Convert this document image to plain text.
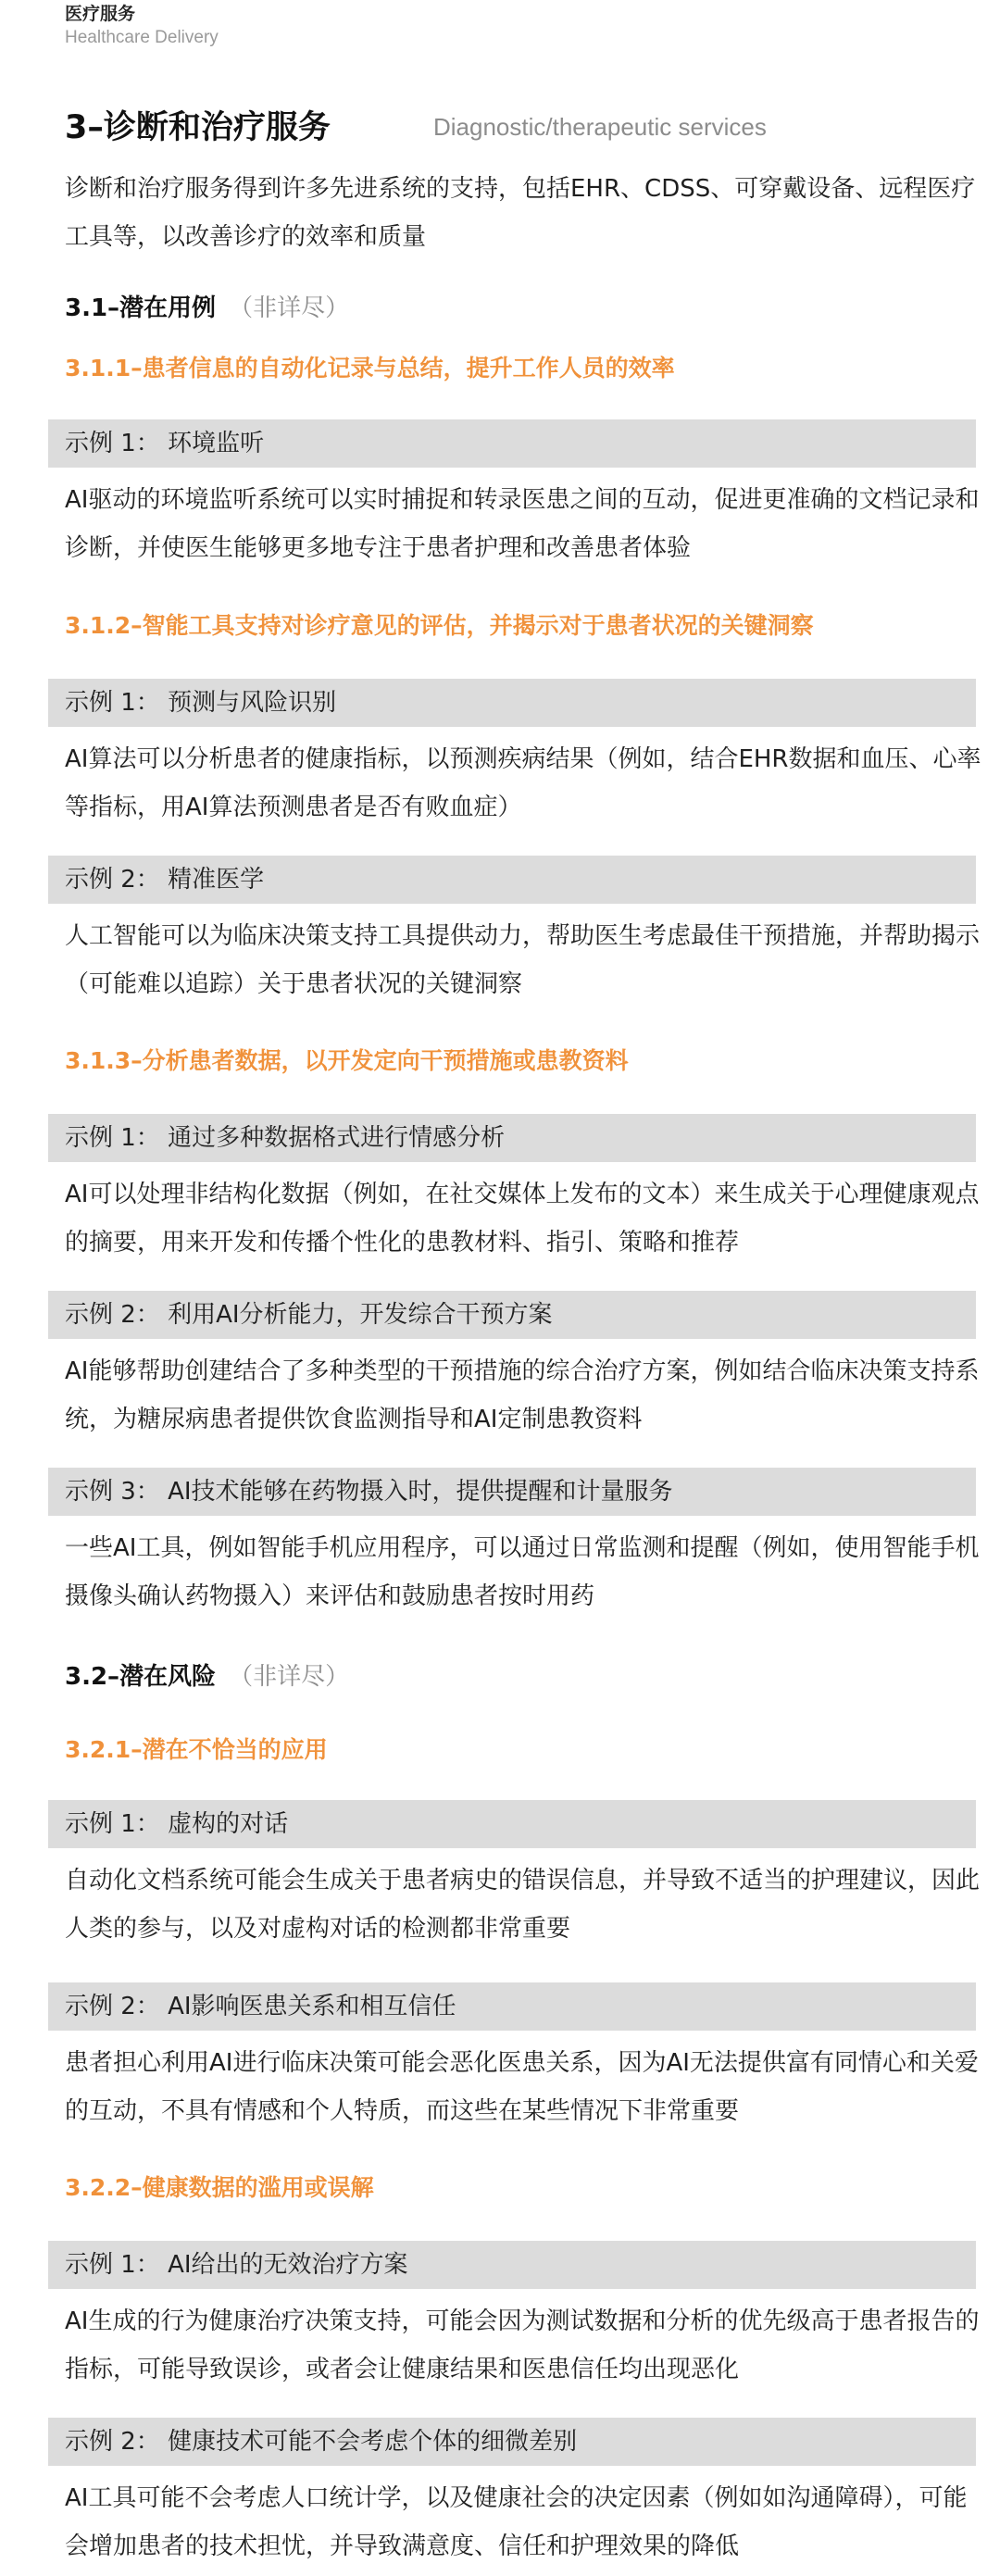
医疗服务
Healthcare Delivery
3–诊断和治疗服务	Diagnostic/therapeutic services
诊断和治疗服务得到许多先进系统的支持，包括EHR、CDSS、可穿戴设备、远程医疗工具等，以改善诊疗的效率和质量
3.1–潜在用例 （非详尽）
3.1.1–患者信息的自动化记录与总结，提升工作人员的效率
示例 1： 环境监听
AI驱动的环境监听系统可以实时捕捉和转录医患之间的互动，促进更准确的文档记录和诊断，并使医生能够更多地专注于患者护理和改善患者体验
3.1.2–智能工具支持对诊疗意见的评估，并揭示对于患者状况的关键洞察
示例 1： 预测与风险识别
AI算法可以分析患者的健康指标，以预测疾病结果（例如，结合EHR数据和血压、心率等指标，用AI算法预测患者是否有败血症）
示例 2： 精准医学
人工智能可以为临床决策支持工具提供动力，帮助医生考虑最佳干预措施，并帮助揭示（可能难以追踪）关于患者状况的关键洞察
3.1.3–分析患者数据，以开发定向干预措施或患教资料
示例 1： 通过多种数据格式进行情感分析
AI可以处理非结构化数据（例如，在社交媒体上发布的文本）来生成关于心理健康观点的摘要，用来开发和传播个性化的患教材料、指引、策略和推荐
示例 2： 利用AI分析能力，开发综合干预方案
AI能够帮助创建结合了多种类型的干预措施的综合治疗方案，例如结合临床决策支持系统，为糖尿病患者提供饮食监测指导和AI定制患教资料
示例 3： AI技术能够在药物摄入时，提供提醒和计量服务
一些AI工具，例如智能手机应用程序，可以通过日常监测和提醒（例如，使用智能手机摄像头确认药物摄入）来评估和鼓励患者按时用药
3.2–潜在风险 （非详尽）
3.2.1–潜在不恰当的应用
示例 1： 虚构的对话
自动化文档系统可能会生成关于患者病史的错误信息，并导致不适当的护理建议，因此人类的参与，以及对虚构对话的检测都非常重要
示例 2： AI影响医患关系和相互信任
患者担心利用AI进行临床决策可能会恶化医患关系，因为AI无法提供富有同情心和关爱的互动，不具有情感和个人特质，而这些在某些情况下非常重要
3.2.2–健康数据的滥用或误解
示例 1： AI给出的无效治疗方案
AI生成的行为健康治疗决策支持，可能会因为测试数据和分析的优先级高于患者报告的指标，可能导致误诊，或者会让健康结果和医患信任均出现恶化
示例 2： 健康技术可能不会考虑个体的细微差别
AI工具可能不会考虑人口统计学，以及健康社会的决定因素（例如如沟通障碍），可能会增加患者的技术担忧，并导致满意度、信任和护理效果的降低
